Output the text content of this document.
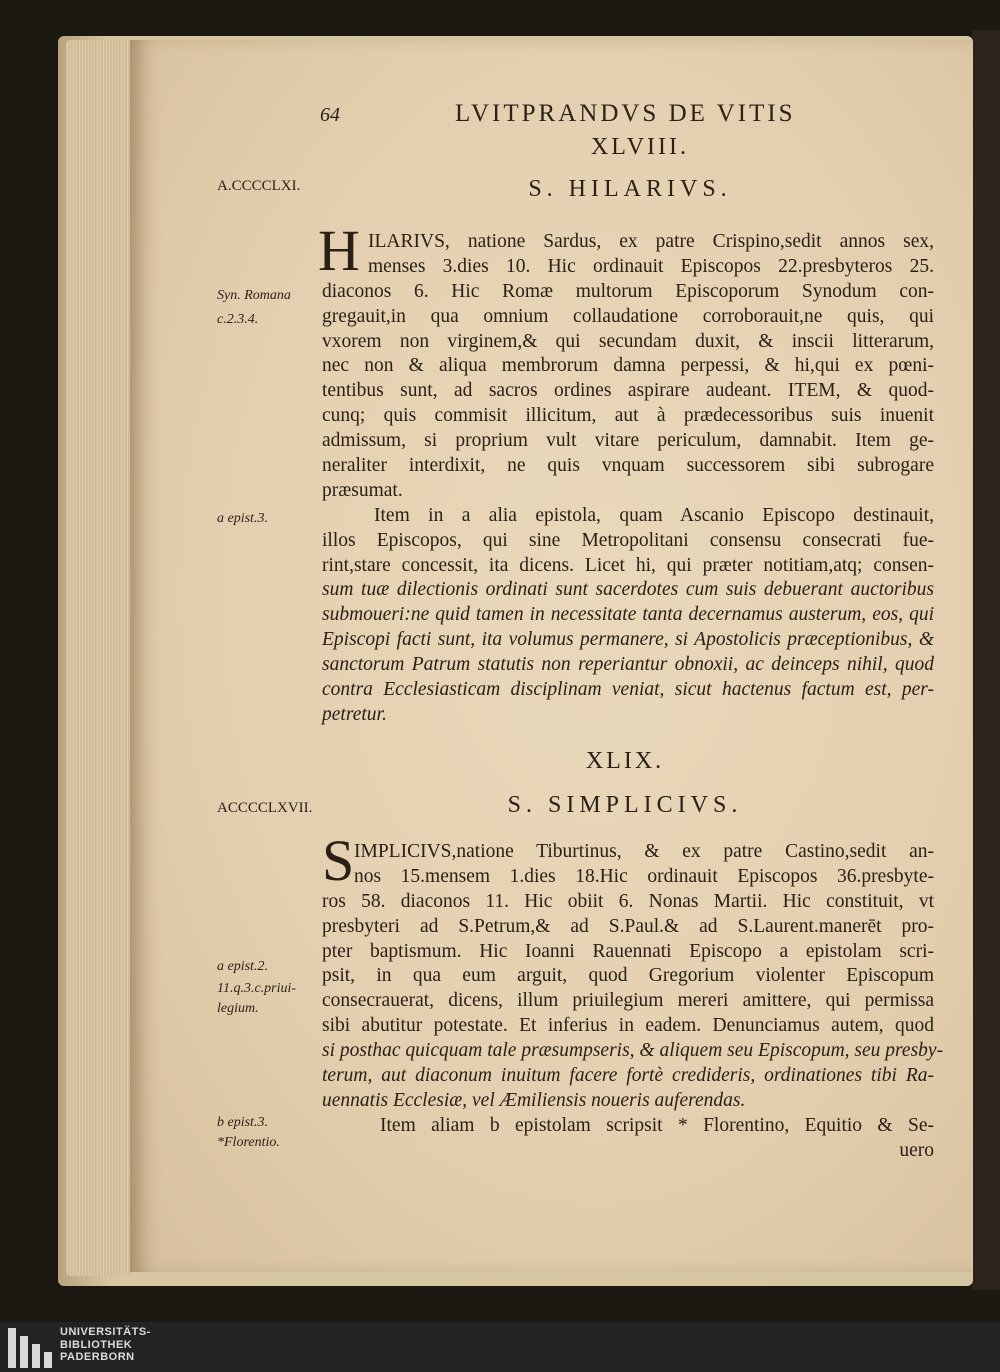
64	LVITPRANDVS DE VITIS
XLVIII.
A.CCCCLXI.	S. HILARIVS.
Syn. Romana
c.2.3.4.
a epist.3.
H ILARIVS, natione Sardus, ex patre Crispino,sedit annos sex,
menses 3.dies 10. Hic ordinauit Episcopos 22.presbyteros 25.
diaconos 6. Hic Romæ multorum Episcoporum Synodum con-
gregauit,in qua omnium collaudatione corroborauit,ne quis, qui
vxorem non virginem,& qui secundam duxit, & inscii litterarum,
nec non & aliqua membrorum damna perpessi, & hi,qui ex pœni-
tentibus sunt, ad sacros ordines aspirare audeant. ITEM, & quod-
cunq; quis commisit illicitum, aut à prædecessoribus suis inuenit
admissum, si proprium vult vitare periculum, damnabit. Item ge-
neraliter interdixit, ne quis vnquam successorem sibi subrogare
præsumat.
Item in a alia epistola, quam Ascanio Episcopo destinauit,
illos Episcopos, qui sine Metropolitani consensu consecrati fue-
rint,stare concessit, ita dicens. Licet hi, qui præter notitiam,atq; consen-
sum tuæ dilectionis ordinati sunt sacerdotes cum suis debuerant auctoribus
submoueri:ne quid tamen in necessitate tanta decernamus austerum, eos, qui
Episcopi facti sunt, ita volumus permanere, si Apostolicis præceptionibus, &
sanctorum Patrum statutis non reperiantur obnoxii, ac deinceps nihil, quod
contra Ecclesiasticam disciplinam veniat, sicut hactenus factum est, per-
petretur.
XLIX.
ACCCCLXVII.	S. SIMPLICIVS.
a epist.2.
11.q.3.c.priui-
legium.
b epist.3.
*Florentio.
S IMPLICIVS,natione Tiburtinus, & ex patre Castino,sedit an-
nos 15.mensem 1.dies 18.Hic ordinauit Episcopos 36.presbyte-
ros 58. diaconos 11. Hic obiit 6. Nonas Martii. Hic constituit, vt
presbyteri ad S.Petrum,& ad S.Paul.& ad S.Laurent.manerēt pro-
pter baptismum. Hic Ioanni Rauennati Episcopo a epistolam scri-
psit, in qua eum arguit, quod Gregorium violenter Episcopum
consecrauerat, dicens, illum priuilegium mereri amittere, qui permissa
sibi abutitur potestate. Et inferius in eadem. Denunciamus autem, quod
si posthac quicquam tale præsumpseris, & aliquem seu Episcopum, seu presby-
terum, aut diaconum inuitum facere fortè credideris, ordinationes tibi Ra-
uennatis Ecclesiæ, vel Æmiliensis noueris auferendas.
Item aliam b epistolam scripsit * Florentino, Equitio & Se-
uero
UNIVERSITÄTS-
BIBLIOTHEK
PADERBORN
